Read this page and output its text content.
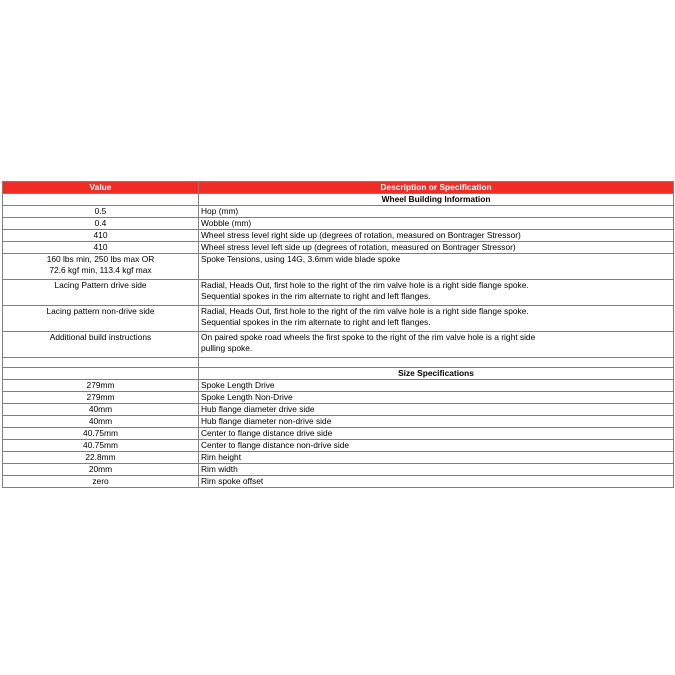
Value	Description or Specification
	Wheel Building Information

0.5	Hop (mm)

0.4	Wobble (mm)

410	Wheel stress level right side up (degrees of rotation, measured on Bontrager Stressor)

410	Wheel stress level left side up (degrees of rotation, measured on Bontrager Stressor)

160 lbs min, 250 lbs max OR
72.6 kgf min, 113.4 kgf max	Spoke Tensions, using 14G, 3.6mm wide blade spoke

Lacing Pattern drive side	Radial, Heads Out, first hole to the right of the rim valve hole is a right side flange spoke.
Sequential spokes in the rim alternate to right and left flanges.

Lacing pattern non-drive side	Radial, Heads Out, first hole to the right of the rim valve hole is a right side flange spoke.
Sequential spokes in the rim alternate to right and left flanges.

Additional build instructions	On paired spoke road wheels the first spoke to the right of the rim valve hole is a right side
pulling spoke.

	Size Specifications

279mm	Spoke Length Drive

279mm	Spoke Length Non-Drive

40mm	Hub flange diameter drive side

40mm	Hub flange diameter non-drive side

40.75mm	Center to flange distance drive side

40.75mm	Center to flange distance non-drive side

22.8mm	Rim height

20mm	Rim width

zero	Rim spoke offset
